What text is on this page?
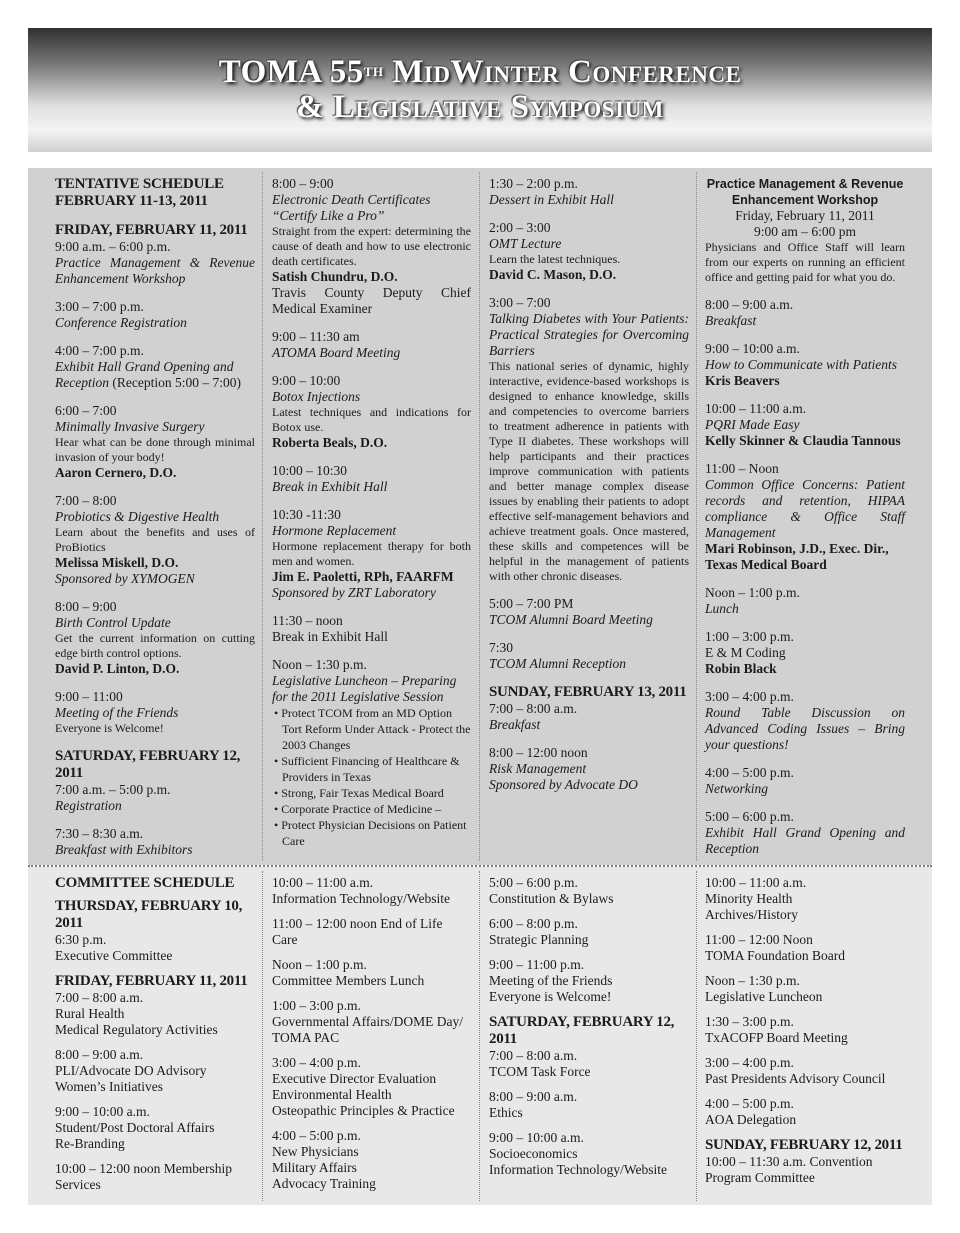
TOMA 55th MidWinter Conference
& Legislative Symposium
TENTATIVE SCHEDULE
FEBRUARY 11-13, 2011
FRIDAY, FEBRUARY 11, 2011
9:00 a.m. – 6:00 p.m.
Practice Management & Revenue Enhancement Workshop
3:00 – 7:00 p.m.
Conference Registration
4:00 – 7:00 p.m.
Exhibit Hall Grand Opening and Reception (Reception 5:00 – 7:00)
6:00 – 7:00
Minimally Invasive Surgery
Hear what can be done through minimal invasion of your body!
Aaron Cernero, D.O.
7:00 – 8:00
Probiotics & Digestive Health
Learn about the benefits and uses of ProBiotics
Melissa Miskell, D.O.
Sponsored by XYMOGEN
8:00 – 9:00
Birth Control Update
Get the current information on cutting edge birth control options.
David P. Linton, D.O.
9:00 – 11:00
Meeting of the Friends
Everyone is Welcome!
SATURDAY, FEBRUARY 12, 2011
7:00 a.m. – 5:00 p.m.
Registration
7:30 – 8:30 a.m.
Breakfast with Exhibitors
8:00 – 9:00
Electronic Death Certificates
“Certify Like a Pro”
Straight from the expert: determining the cause of death and how to use electronic death certificates.
Satish Chundru, D.O.
Travis County Deputy Chief Medical Examiner
9:00 – 11:30 am
ATOMA Board Meeting
9:00 – 10:00
Botox Injections
Latest techniques and indications for Botox use.
Roberta Beals, D.O.
10:00 – 10:30
Break in Exhibit Hall
10:30 -11:30
Hormone Replacement
Hormone replacement therapy for both men and women.
Jim E. Paoletti, RPh, FAARFM
Sponsored by ZRT Laboratory
11:30 – noon
Break in Exhibit Hall
Noon – 1:30 p.m.
Legislative Luncheon – Preparing for the 2011 Legislative Session
• Protect TCOM from an MD Option Tort Reform Under Attack - Protect the 2003 Changes
• Sufficient Financing of Healthcare & Providers in Texas
• Strong, Fair Texas Medical Board
• Corporate Practice of Medicine –
• Protect Physician Decisions on Patient Care
1:30 – 2:00 p.m.
Dessert in Exhibit Hall
2:00 – 3:00
OMT Lecture
Learn the latest techniques.
David C. Mason, D.O.
3:00 – 7:00
Talking Diabetes with Your Patients: Practical Strategies for Overcoming Barriers
This national series of dynamic, highly interactive, evidence-based workshops is designed to enhance knowledge, skills and competencies to overcome barriers to treatment adherence in patients with Type II diabetes. These workshops will help participants and their practices improve communication with patients and better manage complex disease issues by enabling their patients to adopt effective self-management behaviors and achieve treatment goals. Once mastered, these skills and competences will be helpful in the management of patients with other chronic diseases.
5:00 – 7:00 PM
TCOM Alumni Board Meeting
7:30
TCOM Alumni Reception
SUNDAY, FEBRUARY 13, 2011
7:00 – 8:00 a.m.
Breakfast
8:00 – 12:00 noon
Risk Management
Sponsored by Advocate DO
Practice Management & Revenue
Enhancement Workshop
Friday, February 11, 2011
9:00 am – 6:00 pm
Physicians and Office Staff will learn from our experts on running an efficient office and getting paid for what you do.
8:00 – 9:00 a.m.
Breakfast
9:00 – 10:00 a.m.
How to Communicate with Patients
Kris Beavers
10:00 – 11:00 a.m.
PQRI Made Easy
Kelly Skinner & Claudia Tannous
11:00 – Noon
Common Office Concerns: Patient records and retention, HIPAA compliance & Office Staff Management
Mari Robinson, J.D., Exec. Dir., Texas Medical Board
Noon – 1:00 p.m.
Lunch
1:00 – 3:00 p.m.
E & M Coding
Robin Black
3:00 – 4:00 p.m.
Round Table Discussion on Advanced Coding Issues – Bring your questions!
4:00 – 5:00 p.m.
Networking
5:00 – 6:00 p.m.
Exhibit Hall Grand Opening and Reception
COMMITTEE SCHEDULE
THURSDAY, FEBRUARY 10, 2011
6:30 p.m.
Executive Committee
FRIDAY, FEBRUARY 11, 2011
7:00 – 8:00 a.m.
Rural Health
Medical Regulatory Activities
8:00 – 9:00 a.m.
PLI/Advocate DO Advisory
Women’s Initiatives
9:00 – 10:00 a.m.
Student/Post Doctoral Affairs
Re-Branding
10:00 – 12:00 noon Membership
Services
10:00 – 11:00 a.m.
Information Technology/Website
11:00 – 12:00 noon End of Life Care
Noon – 1:00 p.m.
Committee Members Lunch
1:00 – 3:00 p.m.
Governmental Affairs/DOME Day/
TOMA PAC
3:00 – 4:00 p.m.
Executive Director Evaluation
Environmental Health
Osteopathic Principles & Practice
4:00 – 5:00 p.m.
New Physicians
Military Affairs
Advocacy Training
5:00 – 6:00 p.m.
Constitution & Bylaws
6:00 – 8:00 p.m.
Strategic Planning
9:00 – 11:00 p.m.
Meeting of the Friends
Everyone is Welcome!
SATURDAY, FEBRUARY 12, 2011
7:00 – 8:00 a.m.
TCOM Task Force
8:00 – 9:00 a.m.
Ethics
9:00 – 10:00 a.m.
Socioeconomics
Information Technology/Website
10:00 – 11:00 a.m.
Minority Health
Archives/History
11:00 – 12:00 Noon
TOMA Foundation Board
Noon – 1:30 p.m.
Legislative Luncheon
1:30 – 3:00 p.m.
TxACOFP Board Meeting
3:00 – 4:00 p.m.
Past Presidents Advisory Council
4:00 – 5:00 p.m.
AOA Delegation
SUNDAY, FEBRUARY 12, 2011
10:00 – 11:30 a.m. Convention
Program Committee
